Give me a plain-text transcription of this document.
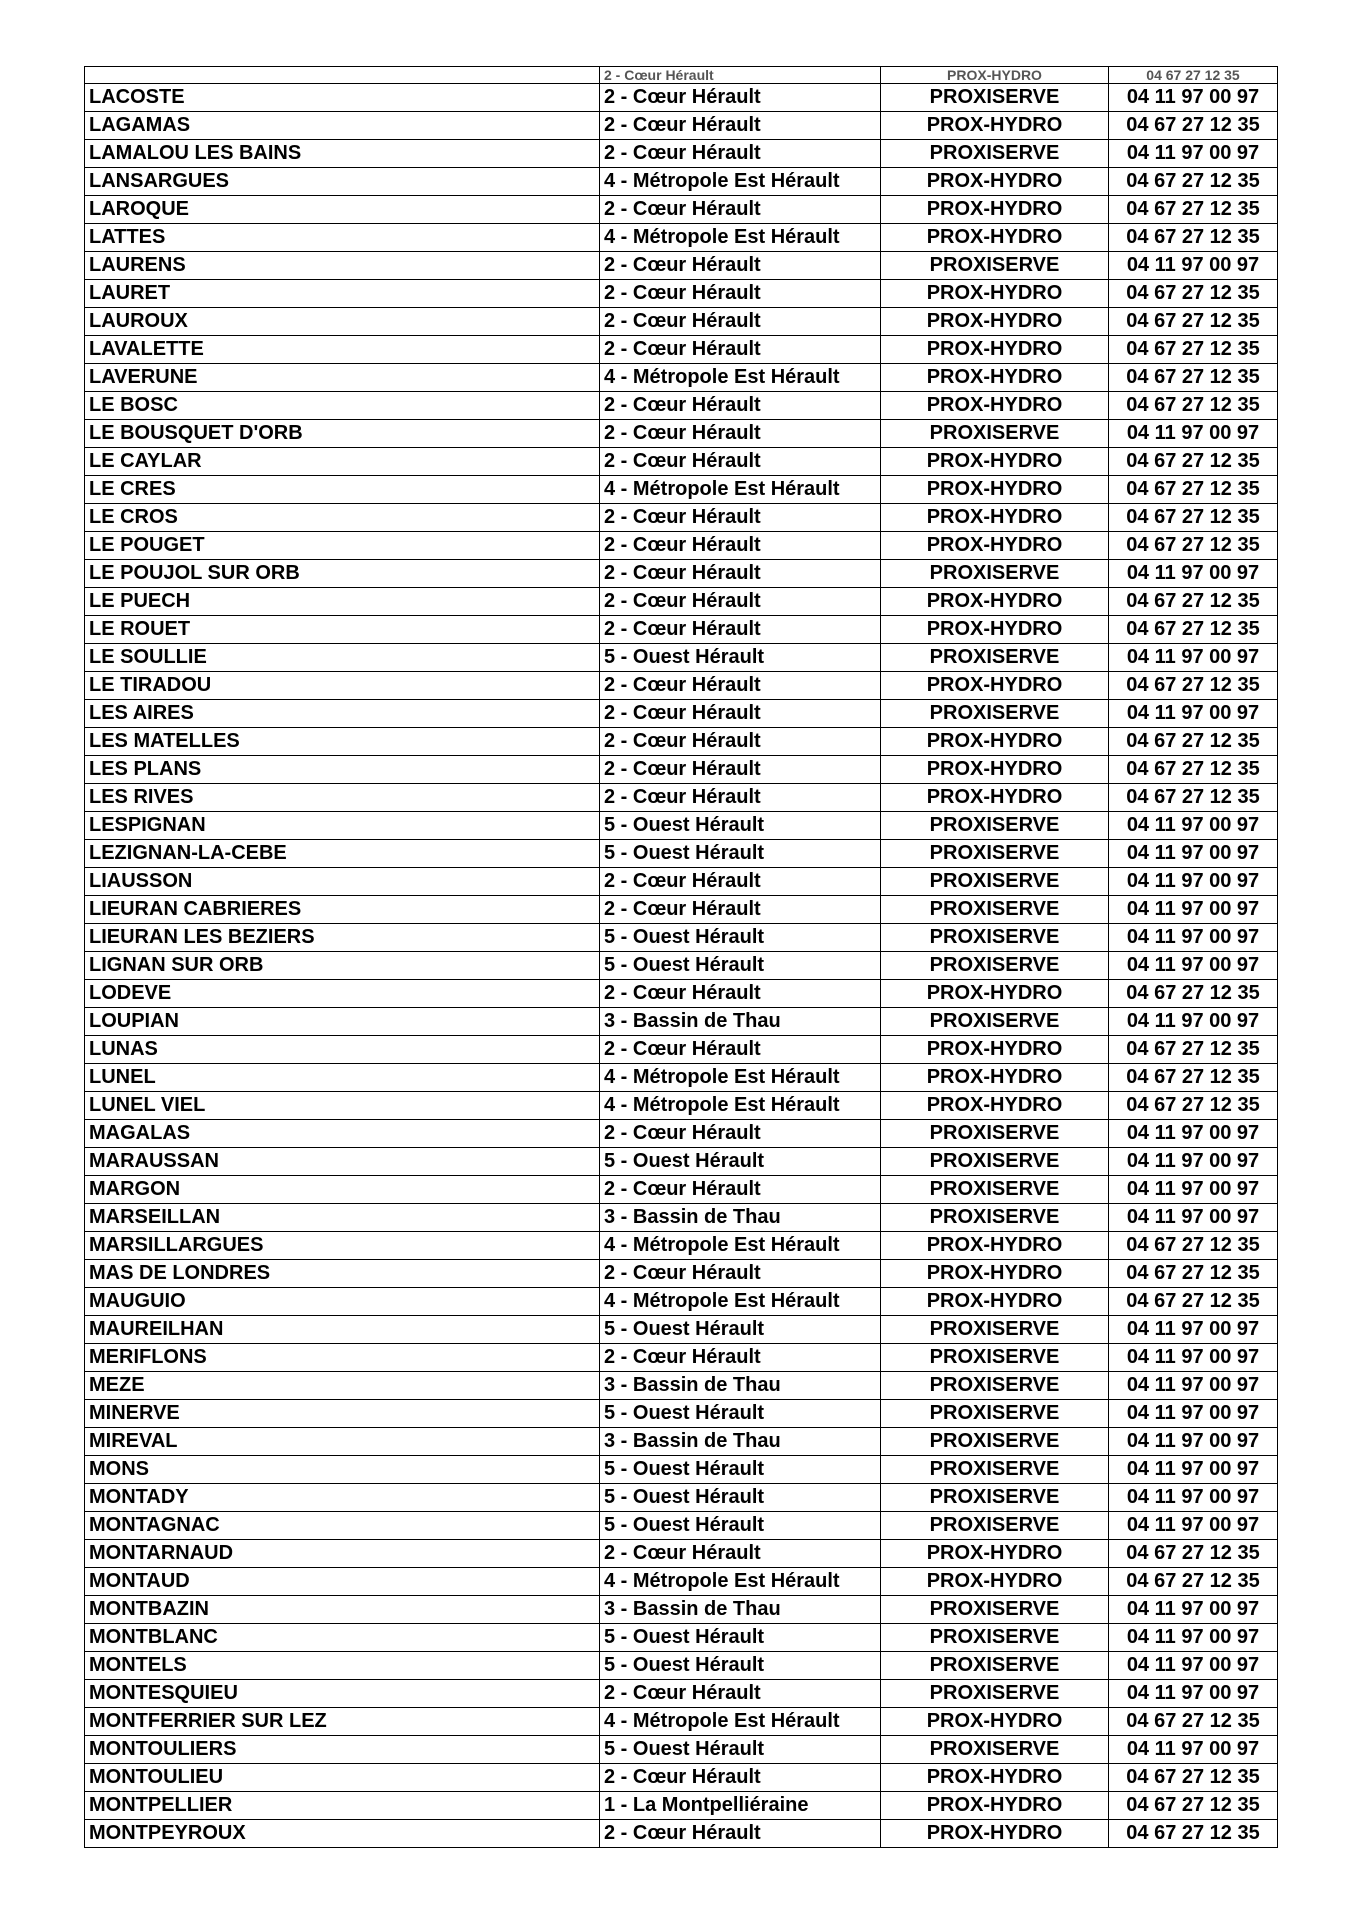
	2 - Cœur Hérault	PROX-HYDRO	04 67 27 12 35
LACOSTE	2 - Cœur Hérault	PROXISERVE	04 11 97 00 97
LAGAMAS	2 - Cœur Hérault	PROX-HYDRO	04 67 27 12 35
LAMALOU LES BAINS	2 - Cœur Hérault	PROXISERVE	04 11 97 00 97
LANSARGUES	4 - Métropole Est Hérault	PROX-HYDRO	04 67 27 12 35
LAROQUE	2 - Cœur Hérault	PROX-HYDRO	04 67 27 12 35
LATTES	4 - Métropole Est Hérault	PROX-HYDRO	04 67 27 12 35
LAURENS	2 - Cœur Hérault	PROXISERVE	04 11 97 00 97
LAURET	2 - Cœur Hérault	PROX-HYDRO	04 67 27 12 35
LAUROUX	2 - Cœur Hérault	PROX-HYDRO	04 67 27 12 35
LAVALETTE	2 - Cœur Hérault	PROX-HYDRO	04 67 27 12 35
LAVERUNE	4 - Métropole Est Hérault	PROX-HYDRO	04 67 27 12 35
LE BOSC	2 - Cœur Hérault	PROX-HYDRO	04 67 27 12 35
LE BOUSQUET D'ORB	2 - Cœur Hérault	PROXISERVE	04 11 97 00 97
LE CAYLAR	2 - Cœur Hérault	PROX-HYDRO	04 67 27 12 35
LE CRES	4 - Métropole Est Hérault	PROX-HYDRO	04 67 27 12 35
LE CROS	2 - Cœur Hérault	PROX-HYDRO	04 67 27 12 35
LE POUGET	2 - Cœur Hérault	PROX-HYDRO	04 67 27 12 35
LE POUJOL SUR ORB	2 - Cœur Hérault	PROXISERVE	04 11 97 00 97
LE PUECH	2 - Cœur Hérault	PROX-HYDRO	04 67 27 12 35
LE ROUET	2 - Cœur Hérault	PROX-HYDRO	04 67 27 12 35
LE SOULLIE	5 - Ouest Hérault	PROXISERVE	04 11 97 00 97
LE TIRADOU	2 - Cœur Hérault	PROX-HYDRO	04 67 27 12 35
LES AIRES	2 - Cœur Hérault	PROXISERVE	04 11 97 00 97
LES MATELLES	2 - Cœur Hérault	PROX-HYDRO	04 67 27 12 35
LES PLANS	2 - Cœur Hérault	PROX-HYDRO	04 67 27 12 35
LES RIVES	2 - Cœur Hérault	PROX-HYDRO	04 67 27 12 35
LESPIGNAN	5 - Ouest Hérault	PROXISERVE	04 11 97 00 97
LEZIGNAN-LA-CEBE	5 - Ouest Hérault	PROXISERVE	04 11 97 00 97
LIAUSSON	2 - Cœur Hérault	PROXISERVE	04 11 97 00 97
LIEURAN CABRIERES	2 - Cœur Hérault	PROXISERVE	04 11 97 00 97
LIEURAN LES BEZIERS	5 - Ouest Hérault	PROXISERVE	04 11 97 00 97
LIGNAN SUR ORB	5 - Ouest Hérault	PROXISERVE	04 11 97 00 97
LODEVE	2 - Cœur Hérault	PROX-HYDRO	04 67 27 12 35
LOUPIAN	3 - Bassin de Thau	PROXISERVE	04 11 97 00 97
LUNAS	2 - Cœur Hérault	PROX-HYDRO	04 67 27 12 35
LUNEL	4 - Métropole Est Hérault	PROX-HYDRO	04 67 27 12 35
LUNEL VIEL	4 - Métropole Est Hérault	PROX-HYDRO	04 67 27 12 35
MAGALAS	2 - Cœur Hérault	PROXISERVE	04 11 97 00 97
MARAUSSAN	5 - Ouest Hérault	PROXISERVE	04 11 97 00 97
MARGON	2 - Cœur Hérault	PROXISERVE	04 11 97 00 97
MARSEILLAN	3 - Bassin de Thau	PROXISERVE	04 11 97 00 97
MARSILLARGUES	4 - Métropole Est Hérault	PROX-HYDRO	04 67 27 12 35
MAS DE LONDRES	2 - Cœur Hérault	PROX-HYDRO	04 67 27 12 35
MAUGUIO	4 - Métropole Est Hérault	PROX-HYDRO	04 67 27 12 35
MAUREILHAN	5 - Ouest Hérault	PROXISERVE	04 11 97 00 97
MERIFLONS	2 - Cœur Hérault	PROXISERVE	04 11 97 00 97
MEZE	3 - Bassin de Thau	PROXISERVE	04 11 97 00 97
MINERVE	5 - Ouest Hérault	PROXISERVE	04 11 97 00 97
MIREVAL	3 - Bassin de Thau	PROXISERVE	04 11 97 00 97
MONS	5 - Ouest Hérault	PROXISERVE	04 11 97 00 97
MONTADY	5 - Ouest Hérault	PROXISERVE	04 11 97 00 97
MONTAGNAC	5 - Ouest Hérault	PROXISERVE	04 11 97 00 97
MONTARNAUD	2 - Cœur Hérault	PROX-HYDRO	04 67 27 12 35
MONTAUD	4 - Métropole Est Hérault	PROX-HYDRO	04 67 27 12 35
MONTBAZIN	3 - Bassin de Thau	PROXISERVE	04 11 97 00 97
MONTBLANC	5 - Ouest Hérault	PROXISERVE	04 11 97 00 97
MONTELS	5 - Ouest Hérault	PROXISERVE	04 11 97 00 97
MONTESQUIEU	2 - Cœur Hérault	PROXISERVE	04 11 97 00 97
MONTFERRIER SUR LEZ	4 - Métropole Est Hérault	PROX-HYDRO	04 67 27 12 35
MONTOULIERS	5 - Ouest Hérault	PROXISERVE	04 11 97 00 97
MONTOULIEU	2 - Cœur Hérault	PROX-HYDRO	04 67 27 12 35
MONTPELLIER	1 - La Montpelliéraine	PROX-HYDRO	04 67 27 12 35
MONTPEYROUX	2 - Cœur Hérault	PROX-HYDRO	04 67 27 12 35
